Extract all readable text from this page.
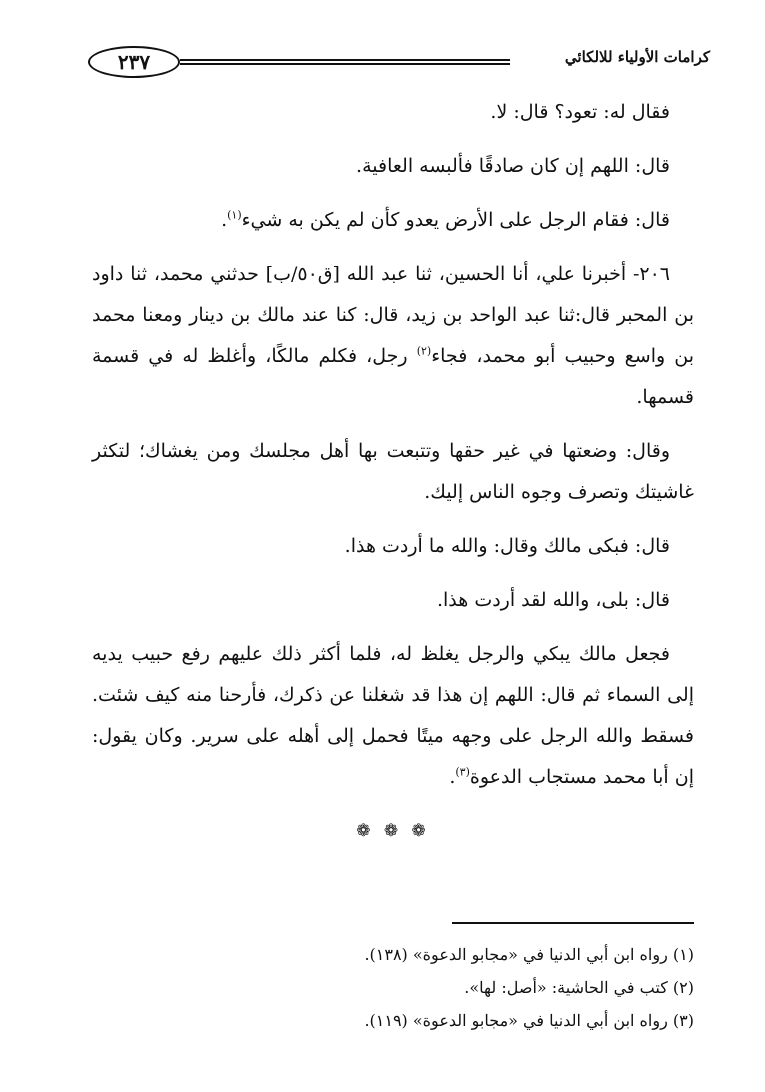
٢٣٧	كرامات الأولياء للالكائي

فقال له: تعود؟ قال: لا.

قال: اللهم إن كان صادقًا فألبسه العافية.

قال: فقام الرجل على الأرض يعدو كأن لم يكن به شيء$^{(١)}$.

٢٠٦- أخبرنا علي، أنا الحسين، ثنا عبد الله [ق٥٠/ب] حدثني محمد، ثنا داود بن المحبر قال:ثنا عبد الواحد بن زيد، قال: كنا عند مالك بن دينار ومعنا محمد بن واسع وحبيب أبو محمد، فجاء$^{(٢)}$ رجل، فكلم مالكًا، وأغلظ له في قسمة قسمها.

وقال: وضعتها في غير حقها وتتبعت بها أهل مجلسك ومن يغشاك؛ لتكثر غاشيتك وتصرف وجوه الناس إليك.

قال: فبكى مالك وقال: والله ما أردت هذا.

قال: بلى، والله لقد أردت هذا.

فجعل مالك يبكي والرجل يغلظ له، فلما أكثر ذلك عليهم رفع حبيب يديه إلى السماء ثم قال: اللهم إن هذا قد شغلنا عن ذكرك، فأرحنا منه كيف شئت. فسقط والله الرجل على وجهه ميتًا فحمل إلى أهله على سرير. وكان يقول: إن أبا محمد مستجاب الدعوة$^{(٣)}$.

❁ ❁ ❁

(١) رواه ابن أبي الدنيا في «مجابو الدعوة» (١٣٨).

(٢) كتب في الحاشية: «أصل: لها».

(٣) رواه ابن أبي الدنيا في «مجابو الدعوة» (١١٩).
